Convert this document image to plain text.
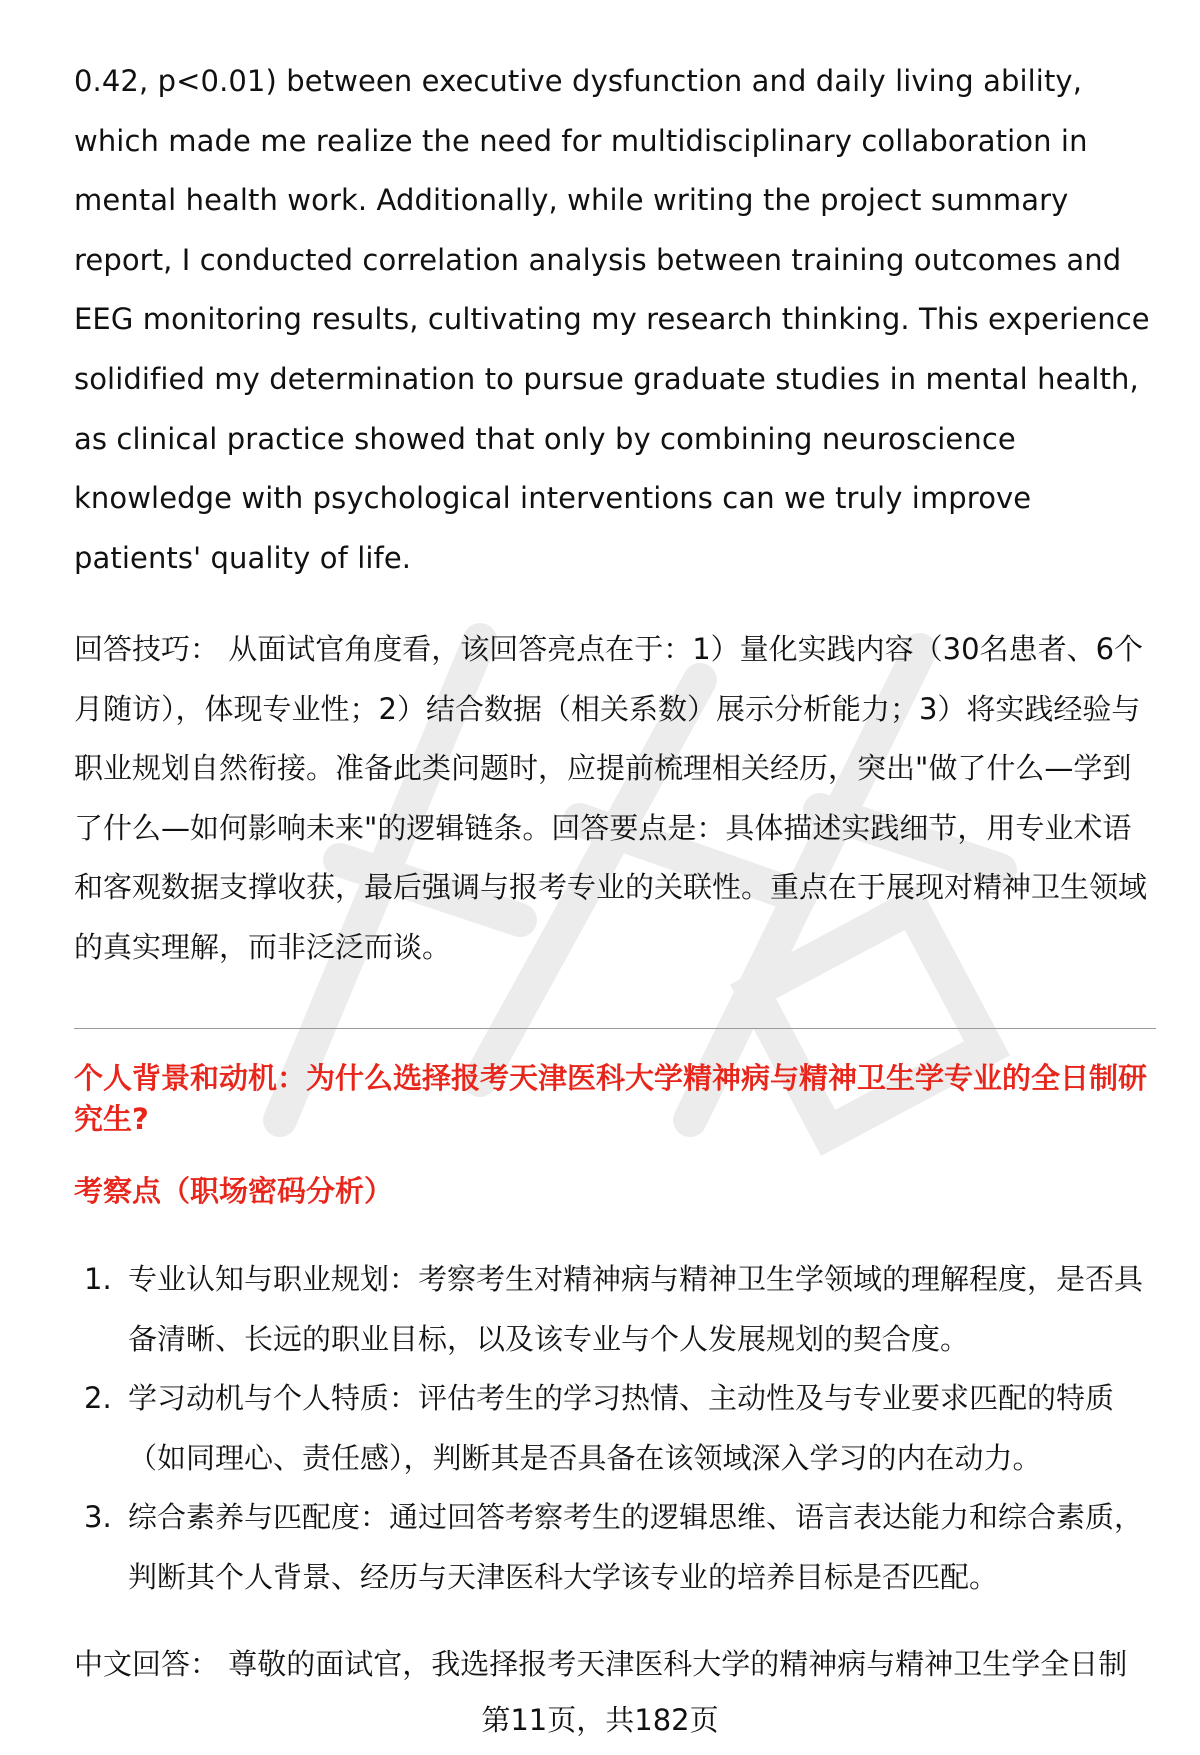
0.42, p<0.01) between executive dysfunction and daily living ability, which made me realize the need for multidisciplinary collaboration in mental health work. Additionally, while writing the project summary report, I conducted correlation analysis between training outcomes and EEG monitoring results, cultivating my research thinking. This experience solidified my determination to pursue graduate studies in mental health, as clinical practice showed that only by combining neuroscience knowledge with psychological interventions can we truly improve patients' quality of life.

回答技巧： 从面试官角度看，该回答亮点在于：1）量化实践内容（30名患者、6个月随访），体现专业性；2）结合数据（相关系数）展示分析能力；3）将实践经验与职业规划自然衔接。准备此类问题时，应提前梳理相关经历，突出"做了什么—学到了什么—如何影响未来"的逻辑链条。回答要点是：具体描述实践细节，用专业术语和客观数据支撑收获，最后强调与报考专业的关联性。重点在于展现对精神卫生领域的真实理解，而非泛泛而谈。

个人背景和动机：为什么选择报考天津医科大学精神病与精神卫生学专业的全日制研究生?
考察点（职场密码分析）
1. 专业认知与职业规划：考察考生对精神病与精神卫生学领域的理解程度，是否具备清晰、长远的职业目标，以及该专业与个人发展规划的契合度。
2. 学习动机与个人特质：评估考生的学习热情、主动性及与专业要求匹配的特质（如同理心、责任感），判断其是否具备在该领域深入学习的内在动力。
3. 综合素养与匹配度：通过回答考察考生的逻辑思维、语言表达能力和综合素质，判断其个人背景、经历与天津医科大学该专业的培养目标是否匹配。

中文回答： 尊敬的面试官，我选择报考天津医科大学的精神病与精神卫生学全日制

第11页，共182页
